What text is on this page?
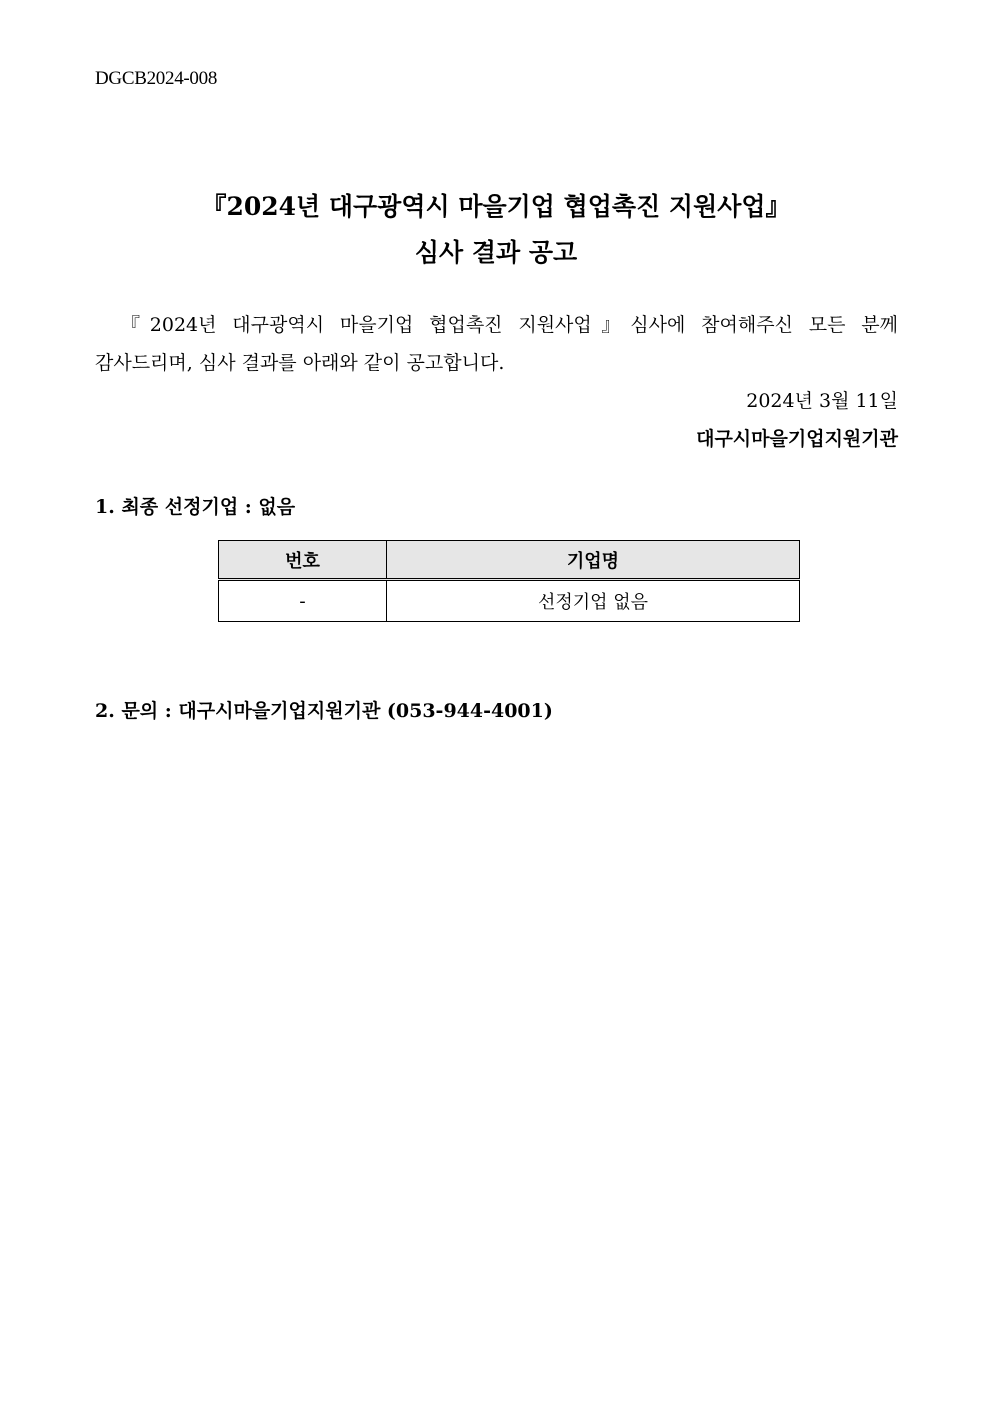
DGCB2024-008
『2024년 대구광역시 마을기업 협업촉진 지원사업』
심사 결과 공고
『2024년 대구광역시 마을기업 협업촉진 지원사업』심사에 참여해주신 모든 분께
감사드리며, 심사 결과를 아래와 같이 공고합니다.
2024년 3월 11일
대구시마을기업지원기관
1. 최종 선정기업 : 없음
번호	기업명
-	선정기업 없음
2. 문의 : 대구시마을기업지원기관 (053-944-4001)
